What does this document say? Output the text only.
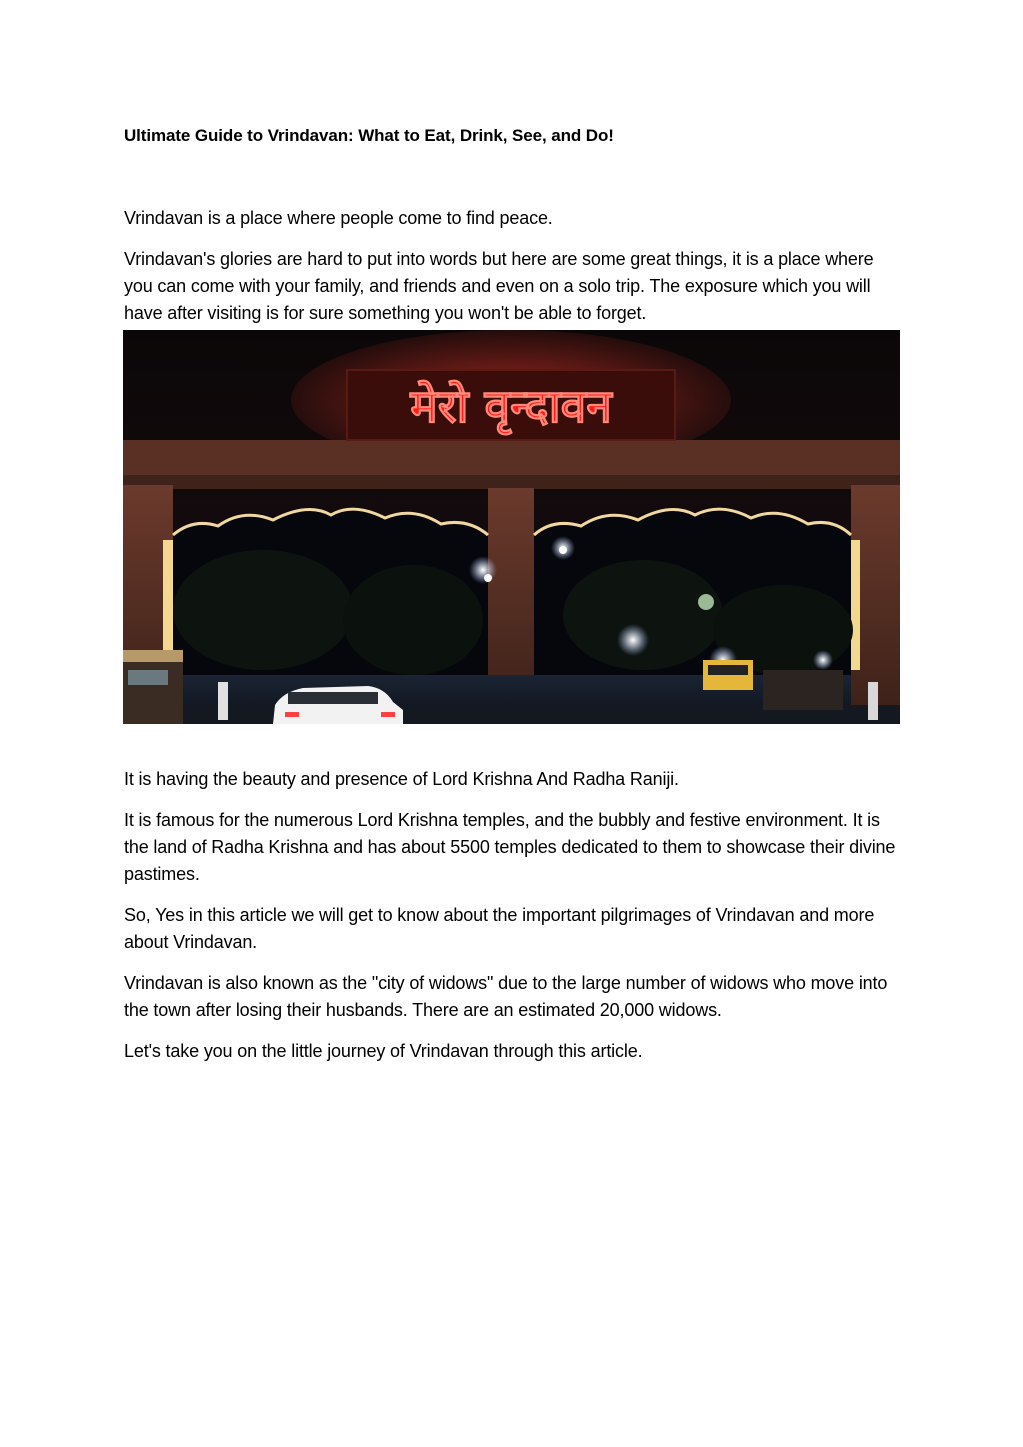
Ultimate Guide to Vrindavan: What to Eat, Drink, See, and Do!

Vrindavan is a place where people come to find peace.

Vrindavan's glories are hard to put into words but here are some great things, it is a place where you can come with your family, and friends and even on a solo trip. The exposure which you will have after visiting is for sure something you won't be able to forget.

मेरो वृन्दावन

It is having the beauty and presence of Lord Krishna And Radha Raniji.

It is famous for the numerous Lord Krishna temples, and the bubbly and festive environment. It is the land of Radha Krishna and has about 5500 temples dedicated to them to showcase their divine pastimes.

So, Yes in this article we will get to know about the important pilgrimages of Vrindavan and more about Vrindavan.

Vrindavan is also known as the "city of widows" due to the large number of widows who move into the town after losing their husbands. There are an estimated 20,000 widows.

Let's take you on the little journey of Vrindavan through this article.
